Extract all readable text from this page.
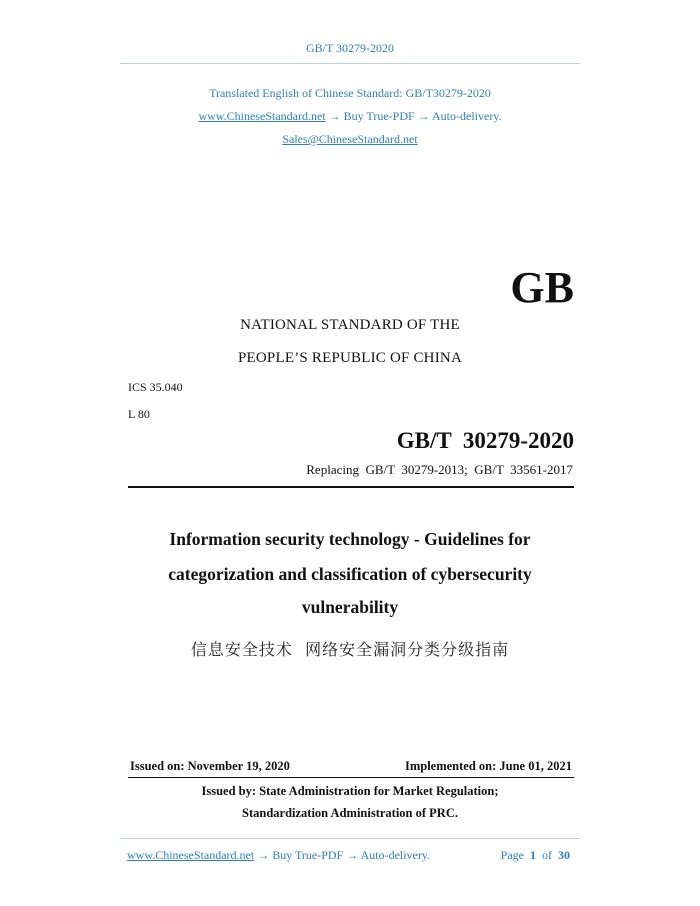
GB/T 30279-2020
Translated English of Chinese Standard: GB/T30279-2020
www.ChineseStandard.net → Buy True-PDF → Auto-delivery.
Sales@ChineseStandard.net
GB
NATIONAL STANDARD OF THE
PEOPLE’S REPUBLIC OF CHINA
ICS 35.040
L 80
GB/T  30279-2020
Replacing  GB/T  30279-2013;  GB/T  33561-2017
Information security technology - Guidelines for
categorization and classification of cybersecurity
vulnerability
信息安全技术  网络安全漏洞分类分级指南
Issued on: November 19, 2020	Implemented on: June 01, 2021
Issued by: State Administration for Market Regulation;
Standardization Administration of PRC.
www.ChineseStandard.net → Buy True-PDF → Auto-delivery.	Page 1 of 30
